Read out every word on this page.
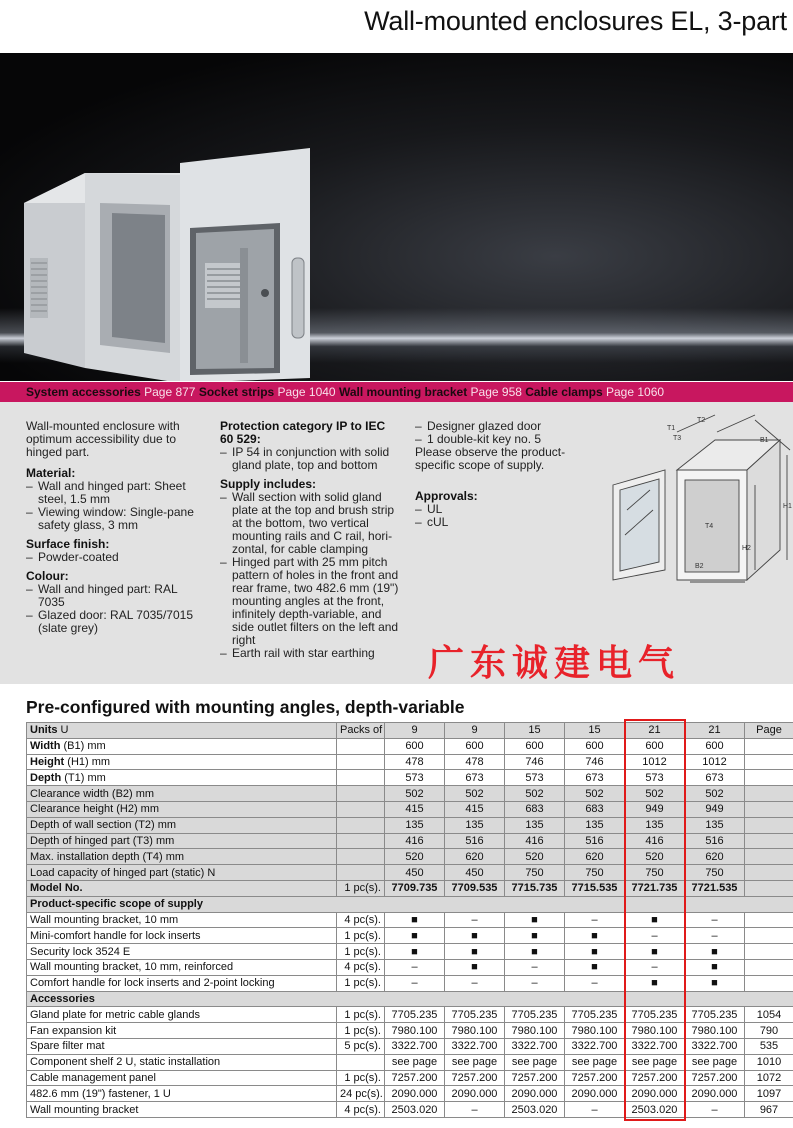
Wall-mounted enclosures EL, 3-part
System accessories Page 877 Socket strips Page 1040 Wall mounting bracket Page 958 Cable clamps Page 1060

Wall-mounted enclosure with optimum accessibility due to hinged part.

Material:
– Wall and hinged part: Sheet steel, 1.5 mm
– Viewing window: Single-pane safety glass, 3 mm
Surface finish:
– Powder-coated
Colour:
– Wall and hinged part: RAL 7035
– Glazed door: RAL 7035/7015 (slate grey)
Protection category IP to IEC 60 529:
– IP 54 in conjunction with solid gland plate, top and bottom
Supply includes:
– Wall section with solid gland plate at the top and brush strip at the bottom, two vertical mounting rails and C rail, hori-zontal, for cable clamping
– Hinged part with 25 mm pitch pattern of holes in the front and rear frame, two 482.6 mm (19") mounting angles at the front, infinitely depth-variable, and side outlet filters on the left and right
– Earth rail with star earthing
– Designer glazed door
– 1 double-kit key no. 5

Please observe the product-specific scope of supply.

Approvals:
– UL
– cUL
T1
T2
T3
T4
B1
B2
H1
H2
广东诚建电气
Pre-configured with mounting angles, depth-variable
Units U	Packs of	9	9	15	15	21	21	Page
Width (B1) mm		600	600	600	600	600	600	
Height (H1) mm		478	478	746	746	1012	1012	
Depth (T1) mm		573	673	573	673	573	673	
Clearance width (B2) mm		502	502	502	502	502	502	
Clearance height (H2) mm		415	415	683	683	949	949	
Depth of wall section (T2) mm		135	135	135	135	135	135	
Depth of hinged part (T3) mm		416	516	416	516	416	516	
Max. installation depth (T4) mm		520	620	520	620	520	620	
Load capacity of hinged part (static) N		450	450	750	750	750	750	
Model No.	1 pc(s).	7709.735	7709.535	7715.735	7715.535	7721.735	7721.535	
Product-specific scope of supply								
Wall mounting bracket, 10 mm	4 pc(s).	■	–	■	–	■	–	
Mini-comfort handle for lock inserts	1 pc(s).	■	■	■	■	–	–	
Security lock 3524 E	1 pc(s).	■	■	■	■	■	■	
Wall mounting bracket, 10 mm, reinforced	4 pc(s).	–	■	–	■	–	■	
Comfort handle for lock inserts and 2-point locking	1 pc(s).	–	–	–	–	■	■	
Accessories								
Gland plate for metric cable glands	1 pc(s).	7705.235	7705.235	7705.235	7705.235	7705.235	7705.235	1054
Fan expansion kit	1 pc(s).	7980.100	7980.100	7980.100	7980.100	7980.100	7980.100	790
Spare filter mat	5 pc(s).	3322.700	3322.700	3322.700	3322.700	3322.700	3322.700	535
Component shelf 2 U, static installation		see page	see page	see page	see page	see page	see page	1010
Cable management panel	1 pc(s).	7257.200	7257.200	7257.200	7257.200	7257.200	7257.200	1072
482.6 mm (19") fastener, 1 U	24 pc(s).	2090.000	2090.000	2090.000	2090.000	2090.000	2090.000	1097
Wall mounting bracket	4 pc(s).	2503.020	–	2503.020	–	2503.020	–	967
